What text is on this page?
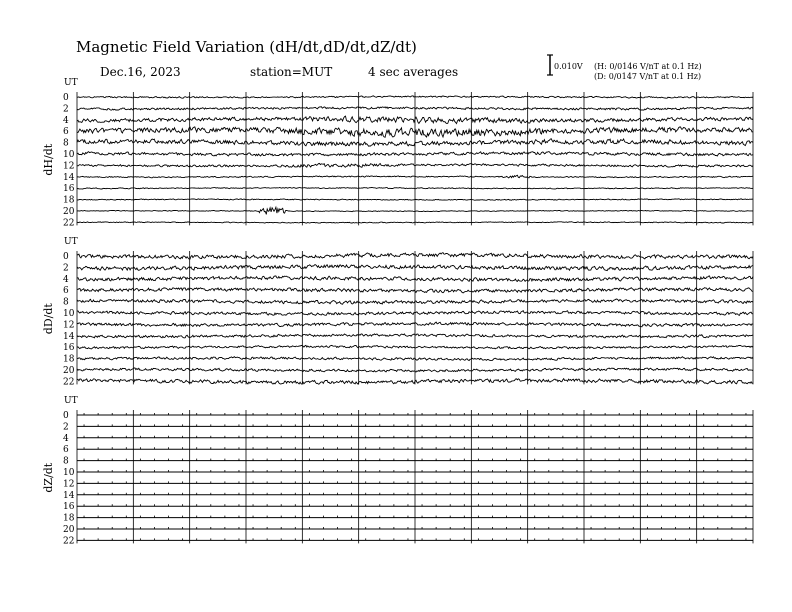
Magnetic Field Variation (dH/dt,dD/dt,dZ/dt)
Dec.16, 2023	station=MUT	4 sec averages	0.010V (H: 0/0146 V/nT at 0.1 Hz)
(D: 0/0147 V/nT at 0.1 Hz)
UT
dH/dt
0
2
4
6
8
10
12
14
16
18
20
22
UT
dD/dt
0
2
4
6
8
10
12
14
16
18
20
22
UT
dZ/dt
0
2
4
6
8
10
12
14
16
18
20
22
